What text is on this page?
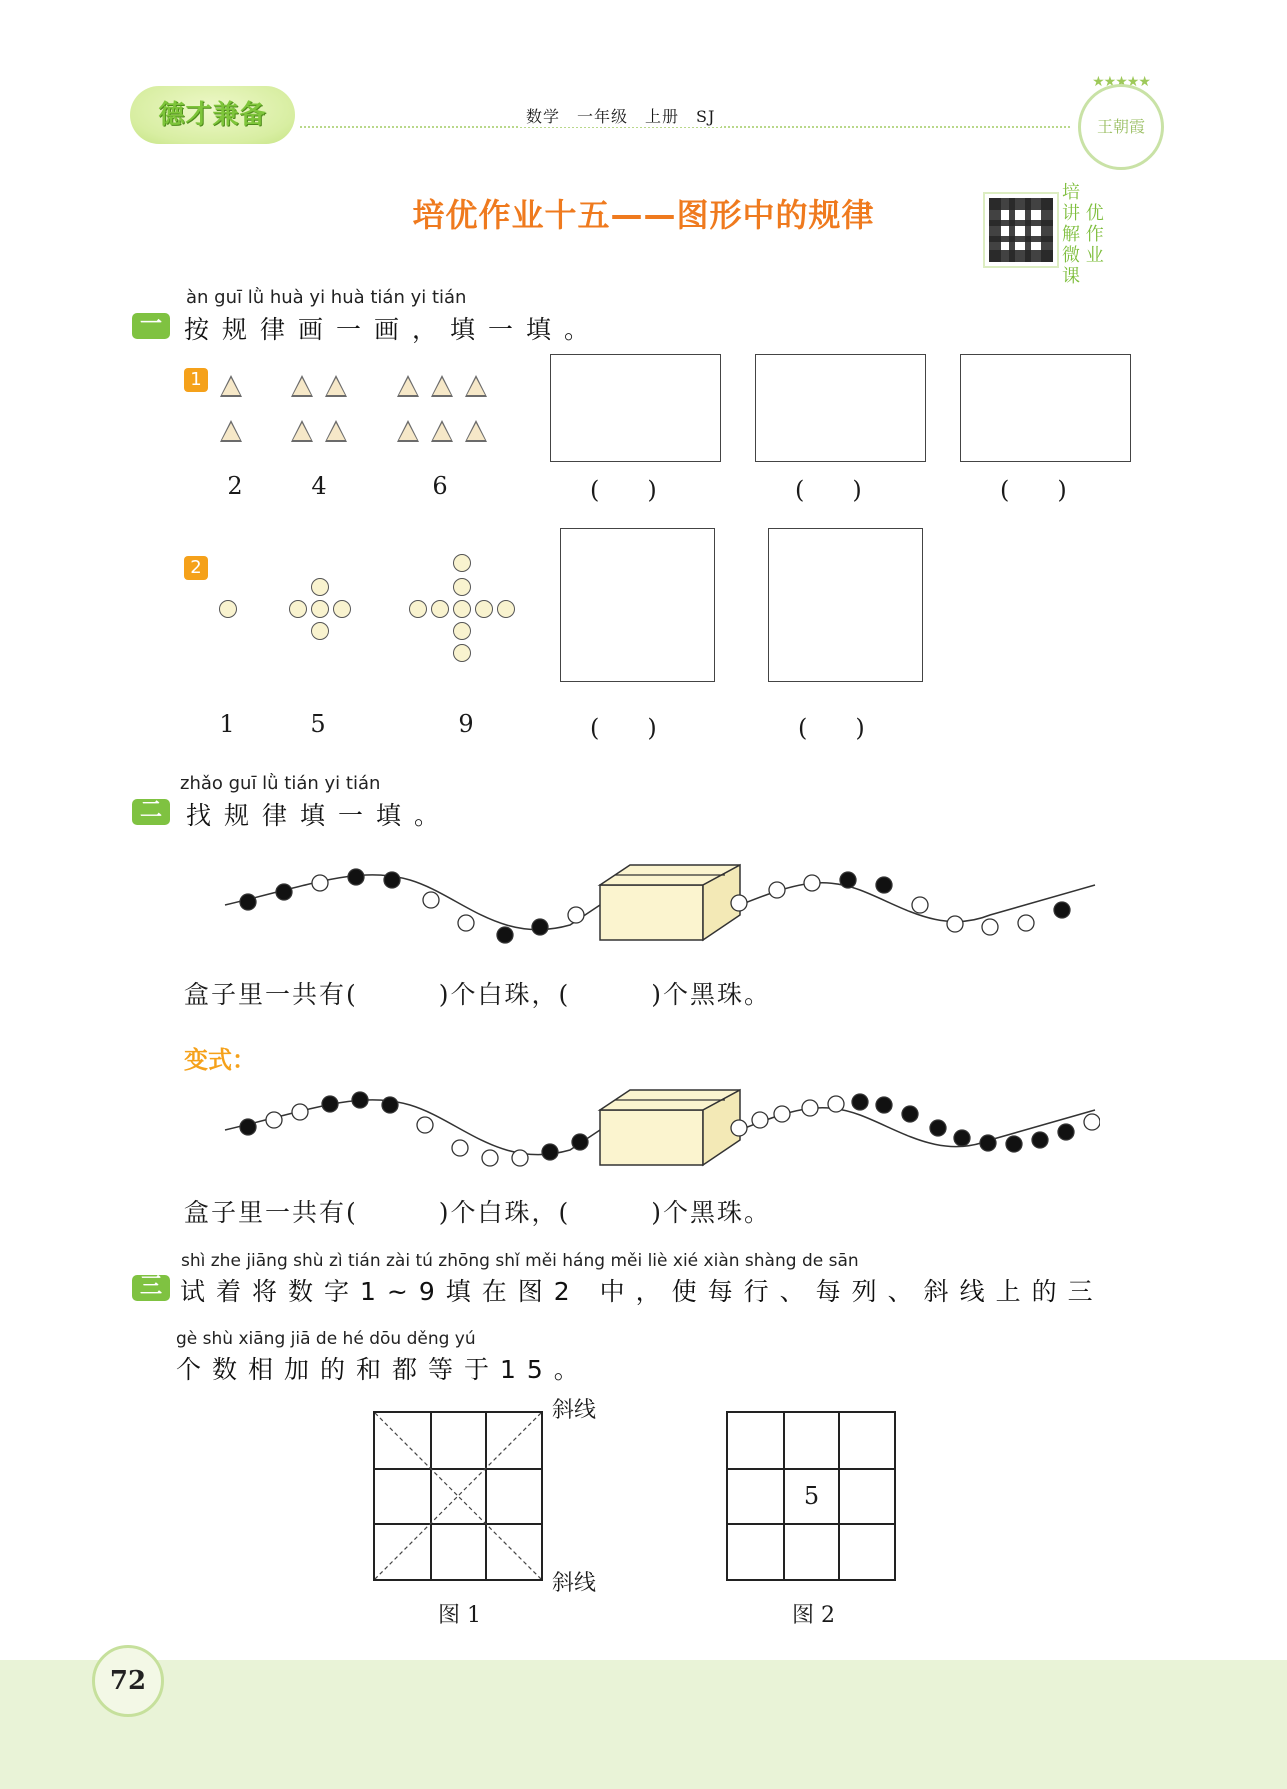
德才兼备	数学　一年级　上册　SJ
★★★★★
王朝霞
培优作业十五——图形中的规律
培
讲 优
解 作
微 业
课
àn guī lǜ huà yi huà tián yi tián
一 按规律画一画，填一填。
1
2	4	6	(　　)	(　　)	(　　)
2
1	5	9	(　　)	(　　)
zhǎo guī lǜ tián yi tián
二 找规律填一填。
盒子里一共有(　　　)个白珠，(　　　)个黑珠。
变式：
盒子里一共有(　　　)个白珠，(　　　)个黑珠。
shì zhe jiāng shù zì tián zài tú zhōng shǐ měi háng měi liè xié xiàn shàng de sān
三 试着将数字1~9填在图2 中，使每行、每列、斜线上的三
gè shù xiāng jiā de hé dōu děng yú
个数相加的和都等于15。
斜线
斜线
图 1
5
图 2
72
